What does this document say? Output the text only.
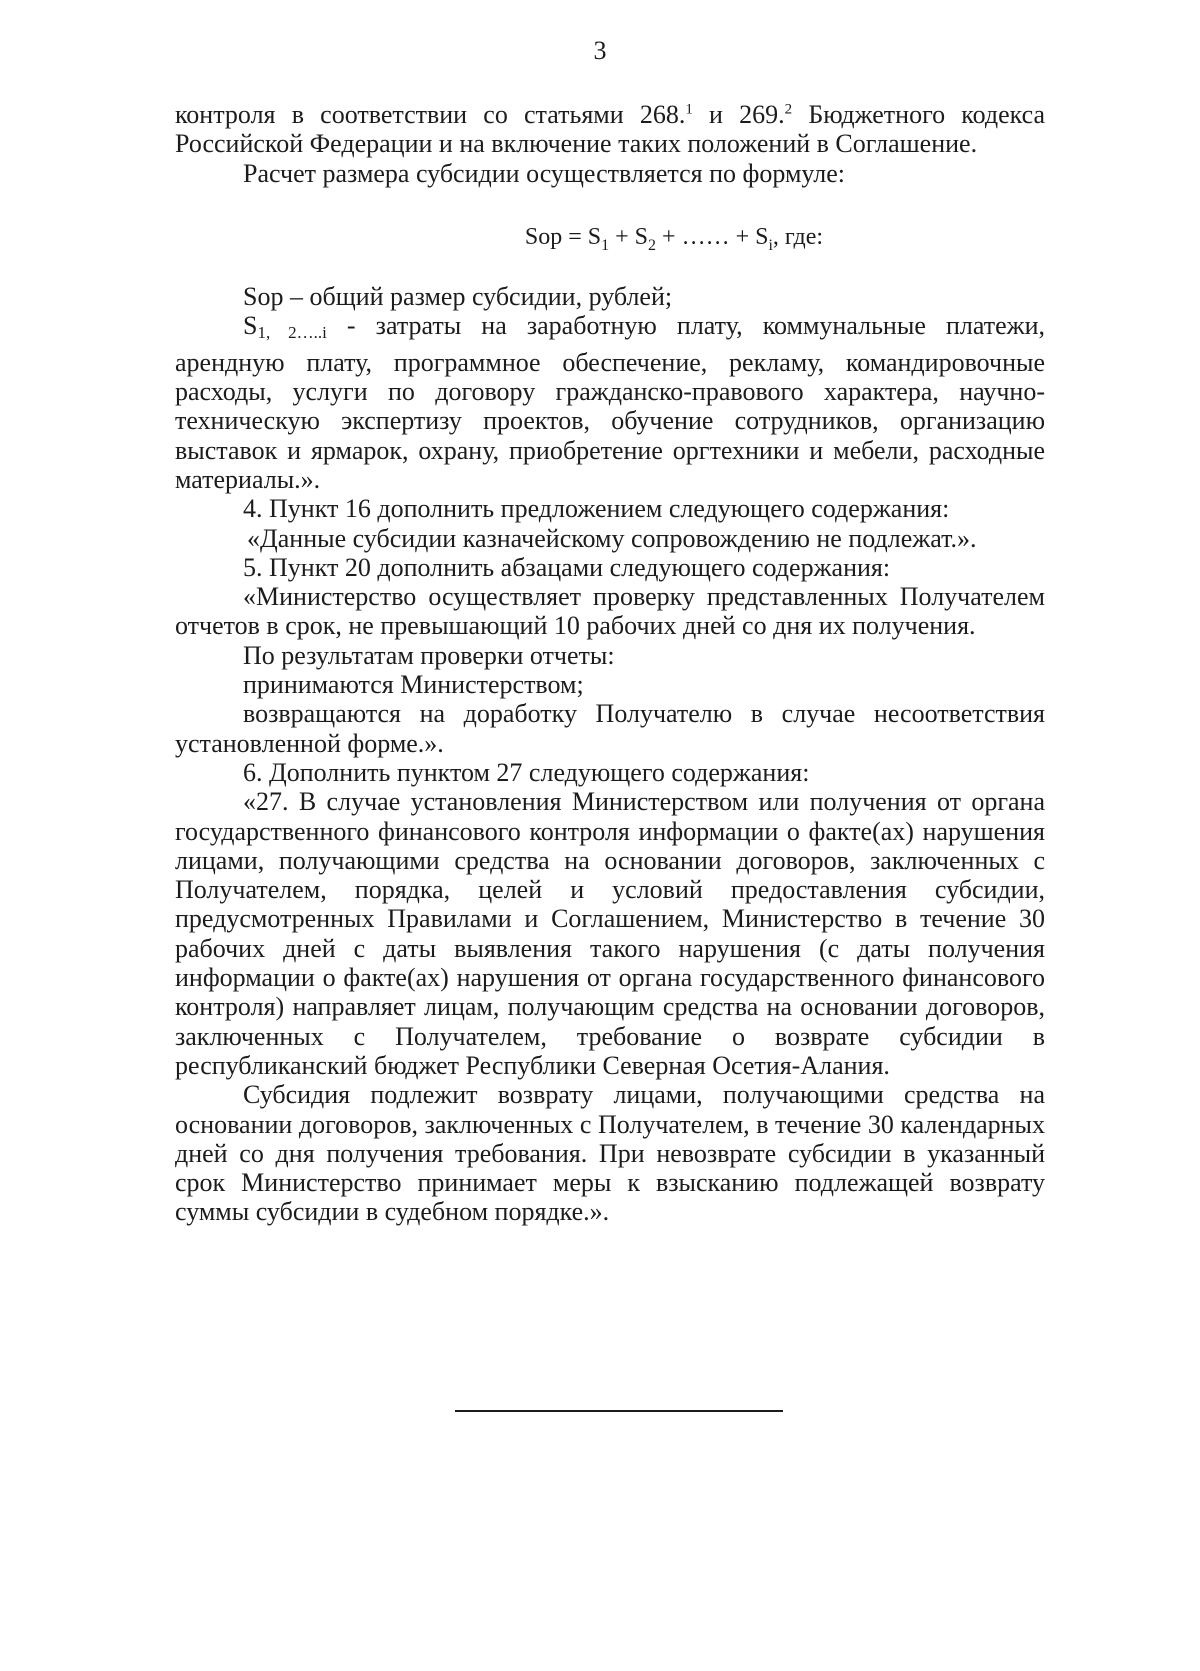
3

контроля в соответствии со статьями 268.$^1$ и 269.$^2$ Бюджетного кодекса Российской Федерации и на включение таких положений в Соглашение.

Расчет размера субсидии осуществляется по формуле:

Sор = $S_1 + S_2$ + …… + $S_i$, где:

Sор – общий размер субсидии, рублей;

S1, 2…..i - затраты на заработную плату, коммунальные платежи, арендную плату, программное обеспечение, рекламу, командировочные расходы, услуги по договору гражданско-правового характера, научно-техническую экспертизу проектов, обучение сотрудников, организацию выставок и ярмарок, охрану, приобретение оргтехники и мебели, расходные материалы.».

4. Пункт 16 дополнить предложением следующего содержания:

«Данные субсидии казначейскому сопровождению не подлежат.».

5. Пункт 20 дополнить абзацами следующего содержания:

«Министерство осуществляет проверку представленных Получателем отчетов в срок, не превышающий 10 рабочих дней со дня их получения.

По результатам проверки отчеты:

принимаются Министерством;

возвращаются на доработку Получателю в случае несоответствия установленной форме.».

6. Дополнить пунктом 27 следующего содержания:

«27. В случае установления Министерством или получения от органа государственного финансового контроля информации о факте(ах) нарушения лицами, получающими средства на основании договоров, заключенных с Получателем, порядка, целей и условий предоставления субсидии, предусмотренных Правилами и Соглашением, Министерство в течение 30 рабочих дней с даты выявления такого нарушения (с даты получения информации о факте(ах) нарушения от органа государственного финансового контроля) направляет лицам, получающим средства на основании договоров, заключенных с Получателем, требование о возврате субсидии в республиканский бюджет Республики Северная Осетия-Алания.

Субсидия подлежит возврату лицами, получающими средства на основании договоров, заключенных с Получателем, в течение 30 календарных дней со дня получения требования. При невозврате субсидии в указанный срок Министерство принимает меры к взысканию подлежащей возврату суммы субсидии в судебном порядке.».
